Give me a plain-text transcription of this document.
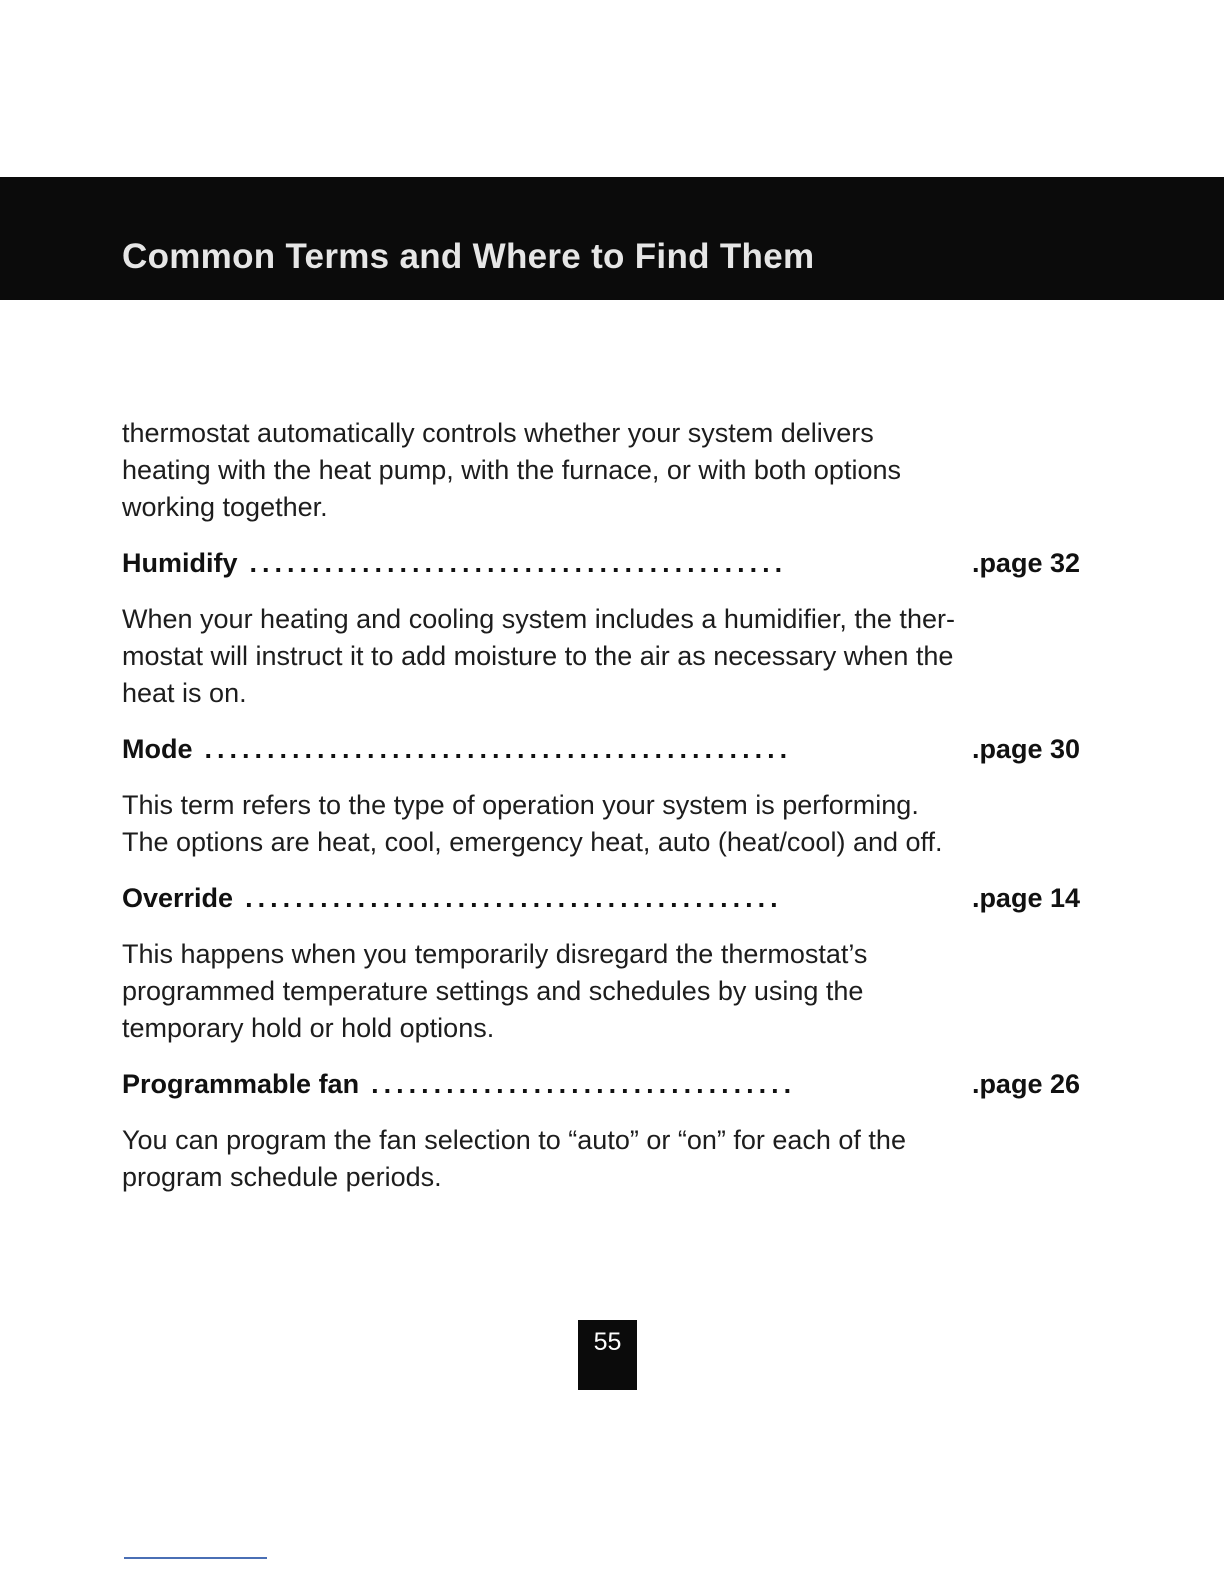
Common Terms and Where to Find Them

thermostat automatically controls whether your system delivers
heating with the heat pump, with the furnace, or with both options
working together.

Humidify ...........................................	.page 32

When your heating and cooling system includes a humidifier, the ther-
mostat will instruct it to add moisture to the air as necessary when the
heat is on.

Mode ...............................................	.page 30

This term refers to the type of operation your system is performing.
The options are heat, cool, emergency heat, auto (heat/cool) and off.

Override ...........................................	.page 14

This happens when you temporarily disregard the thermostat’s
programmed temperature settings and schedules by using the
temporary hold or hold options.

Programmable fan ..................................	.page 26

You can program the fan selection to “auto” or “on” for each of the
program schedule periods.

55
